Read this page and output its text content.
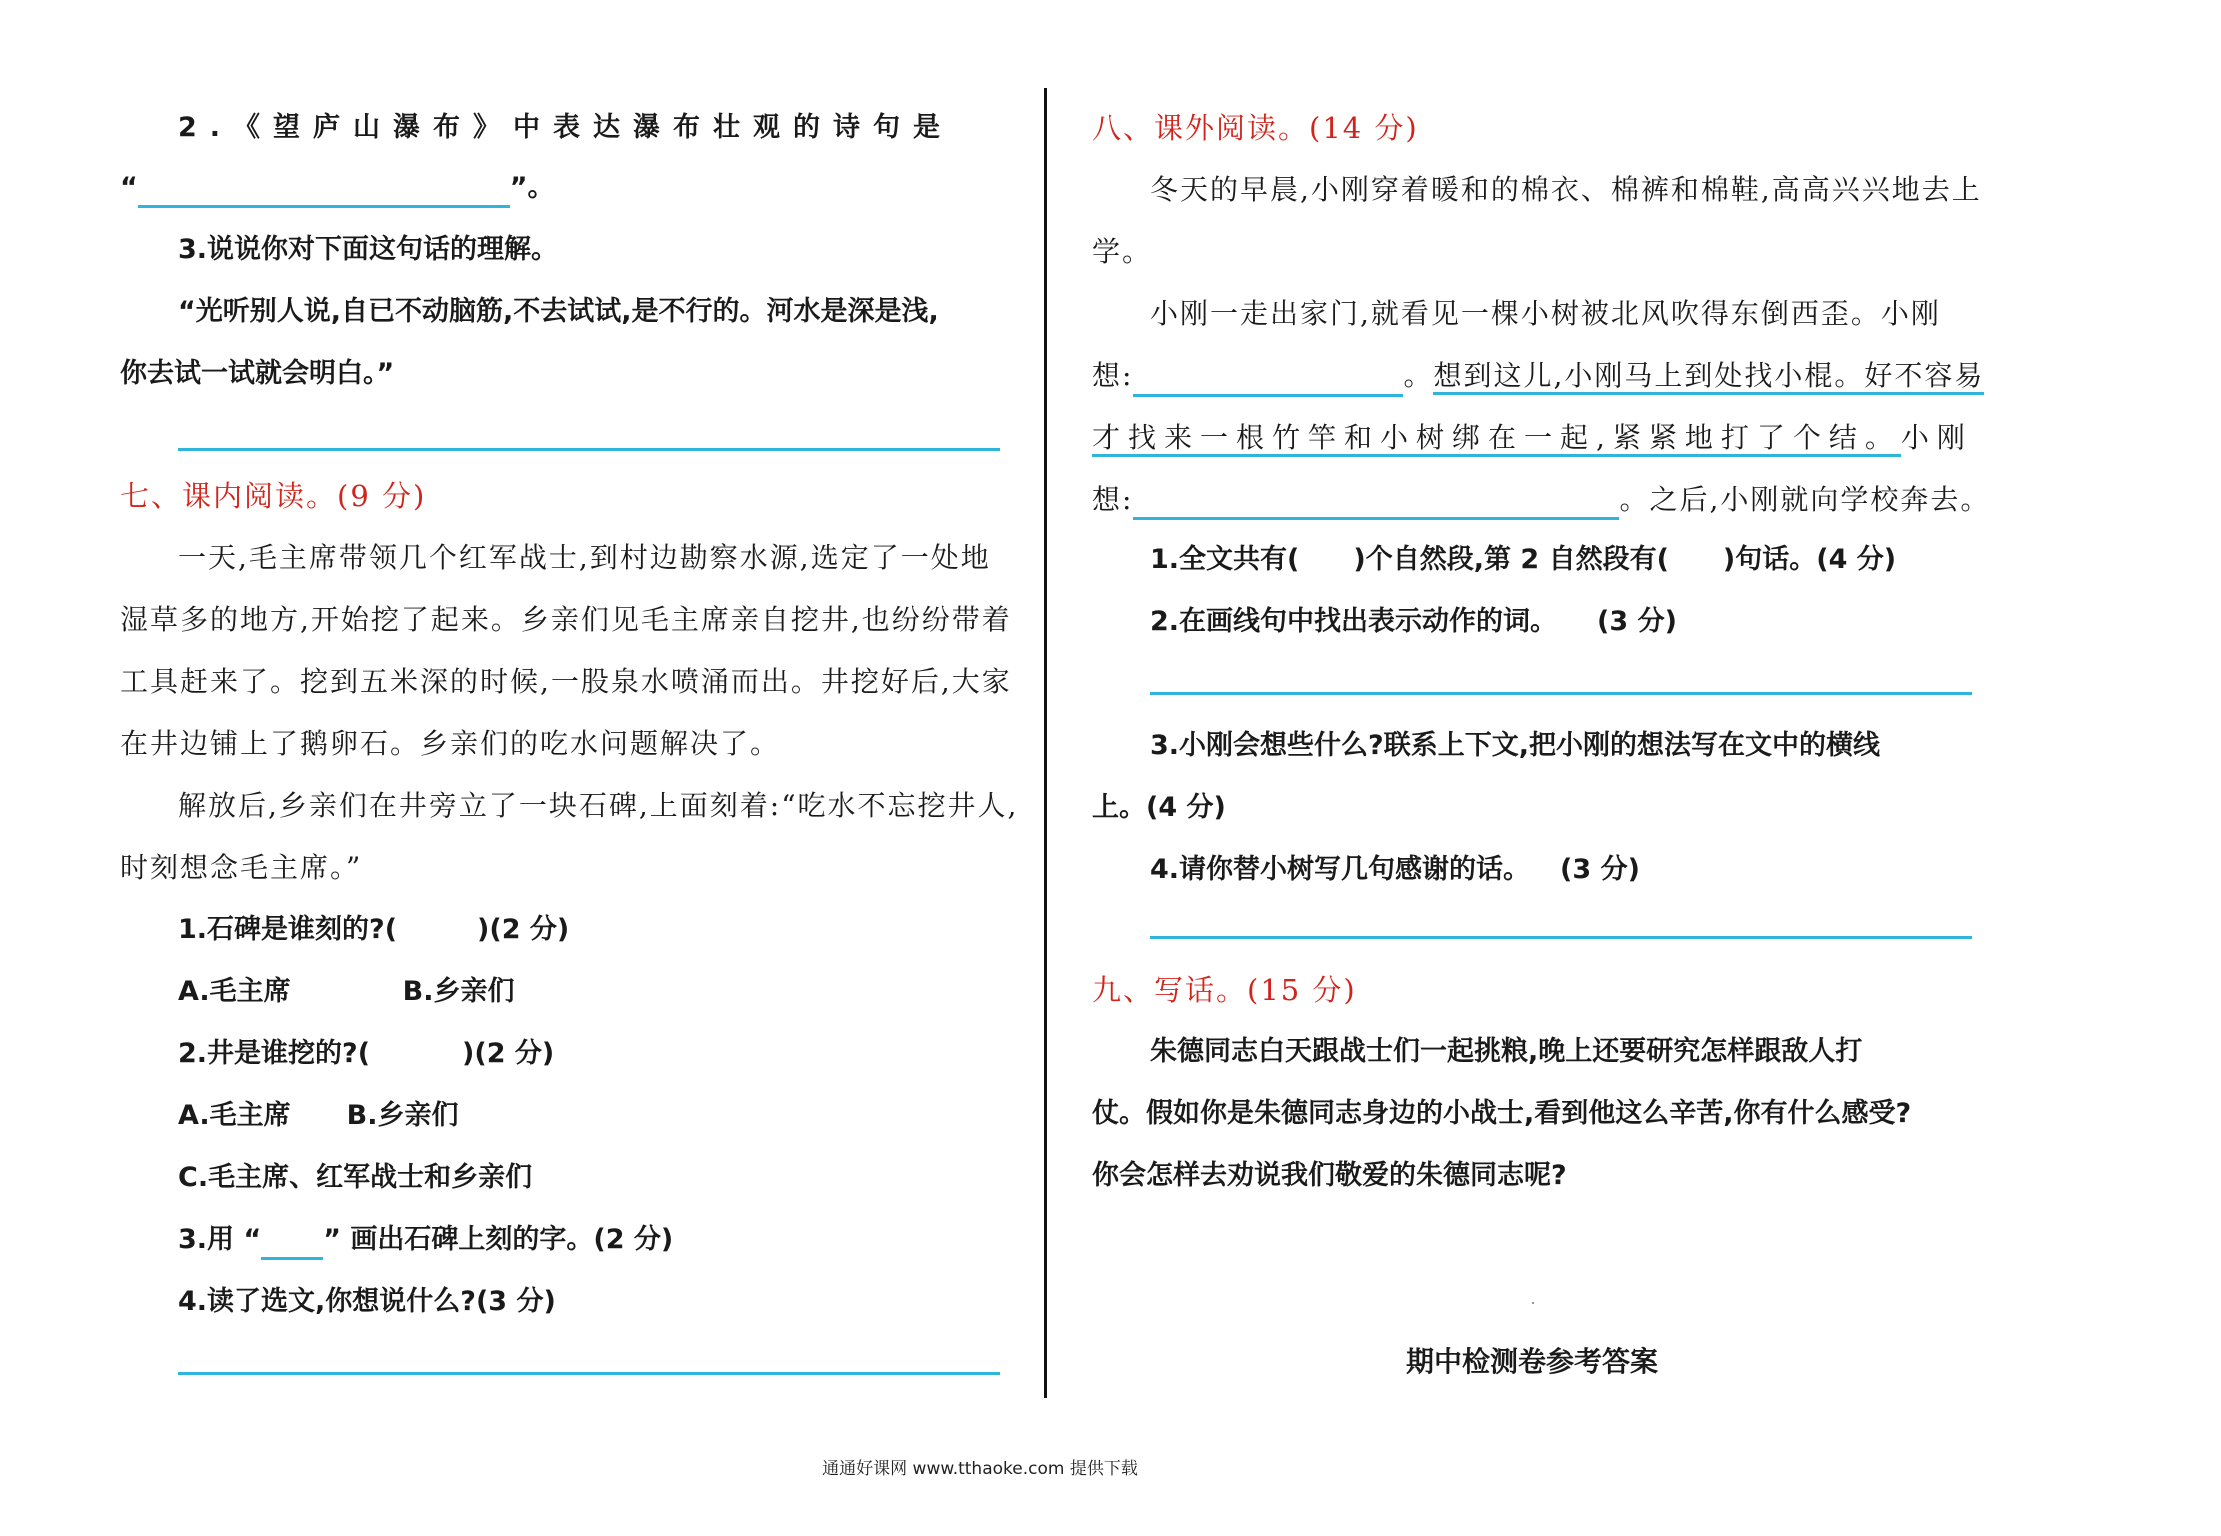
2.《望庐山瀑布》中表达瀑布壮观的诗句是
“	”。
3.说说你对下面这句话的理解。
“光听别人说,自已不动脑筋,不去试试,是不行的。河水是深是浅,
你去试一试就会明白。”
七、课内阅读。(9 分)
一天,毛主席带领几个红军战士,到村边勘察水源,选定了一处地
湿草多的地方,开始挖了起来。乡亲们见毛主席亲自挖井,也纷纷带着
工具赶来了。挖到五米深的时候,一股泉水喷涌而出。井挖好后,大家
在井边铺上了鹅卵石。乡亲们的吃水问题解决了。
解放后,乡亲们在井旁立了一块石碑,上面刻着:“吃水不忘挖井人,
时刻想念毛主席。”
1.石碑是谁刻的?(	)(2 分)
A.毛主席	B.乡亲们
2.井是谁挖的?(	)(2 分)
A.毛主席 B.乡亲们
C.毛主席、红军战士和乡亲们
3.用 “ ” 画出石碑上刻的字。(2 分)
4.读了选文,你想说什么?(3 分)
八、课外阅读。(14 分)
冬天的早晨,小刚穿着暖和的棉衣、棉裤和棉鞋,高高兴兴地去上
学。
小刚一走出家门,就看见一棵小树被北风吹得东倒西歪。小刚
想:	。想到这儿,小刚马上到处找小棍。好不容易
才找来一根竹竿和小树绑在一起,紧紧地打了个结。小刚
想:	。之后,小刚就向学校奔去。
1.全文共有( )个自然段,第 2 自然段有( )句话。(4 分)
2.在画线句中找出表示动作的词。 (3 分)
3.小刚会想些什么?联系上下文,把小刚的想法写在文中的横线
上。(4 分)
4.请你替小树写几句感谢的话。 (3 分)
九、写话。(15 分)
朱德同志白天跟战士们一起挑粮,晚上还要研究怎样跟敌人打
仗。假如你是朱德同志身边的小战士,看到他这么辛苦,你有什么感受?
你会怎样去劝说我们敬爱的朱德同志呢?
期中检测卷参考答案
通通好课网 www.tthaoke.com 提供下载
